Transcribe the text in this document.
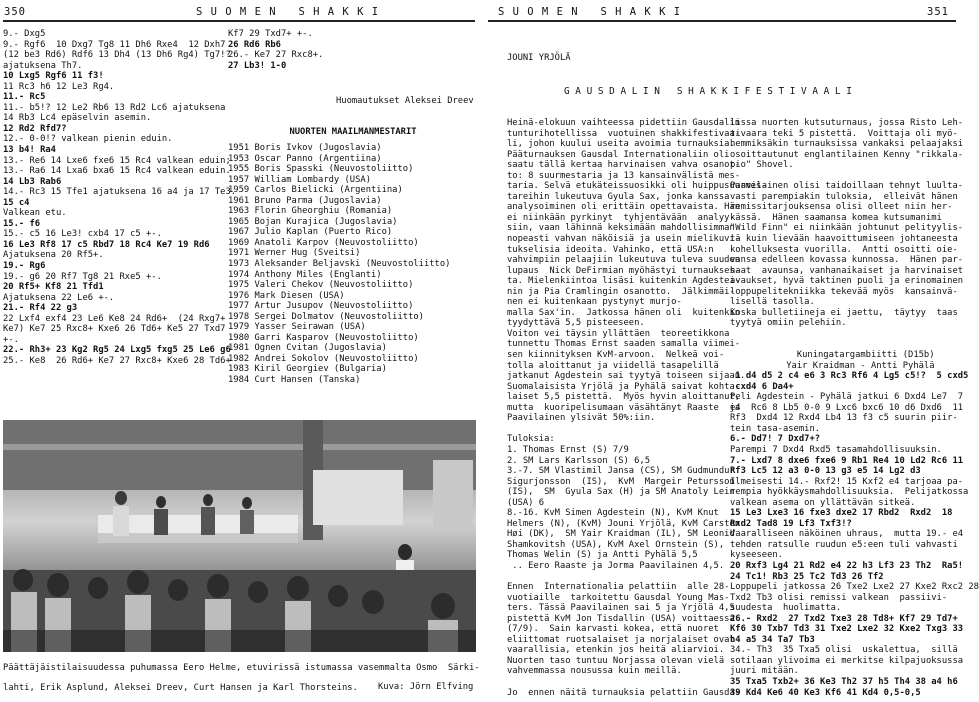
350	S U O M E N   S H A K K I	S U O M E N   S H A K K I	351

9.- Dxg5

9.- Rgf6  10 Dxg7 Tg8 11 Dh6 Rxe4  12 Dxh7

(12 be3 Rd6) Rdf6 13 Dh4 (13 Dh6 Rg4) Tg7!?

ajatuksena Th7.

10 Lxg5 Rgf6 11 f3!

11 Rc3 h6 12 Le3 Rg4.

11.- Rc5

11.- b5!? 12 Le2 Rb6 13 Rd2 Lc6 ajatuksena

14 Rb3 Lc4 epäselvin asemin.

12 Rd2 Rfd7?

12.- 0-0!? valkean pienin eduin.

13 b4! Ra4

13.- Re6 14 Lxe6 fxe6 15 Rc4 valkean eduin;

13.- Ra6 14 Lxa6 bxa6 15 Rc4 valkean eduin.

14 Lb3 Rab6

14.- Rc3 15 Tfe1 ajatuksena 16 a4 ja 17 Te3.

15 c4

Valkean etu.

15.- f6

15.- c5 16 Le3! cxb4 17 c5 +-.

16 Le3 Rf8 17 c5 Rbd7 18 Rc4 Ke7 19 Rd6

Ajatuksena 20 Rf5+.

19.- Rg6

19.- g6 20 Rf7 Tg8 21 Rxe5 +-.

20 Rf5+ Kf8 21 Tfd1

Ajatuksena 22 Le6 +-.

21.- Rf4 22 g3

22 Lxf4 exf4 23 Le6 Ke8 24 Rd6+  (24 Rxg7+

Ke7) Ke7 25 Rxc8+ Kxe6 26 Td6+ Ke5 27 Txd7

+-.

22.- Rh3+ 23 Kg2 Rg5 24 Lxg5 fxg5 25 Le6 g6

25.- Ke8  26 Rd6+ Ke7 27 Rxc8+ Kxe6 28 Td6+

Kf7 29 Txd7+ +-.

26 Rd6 Rb6

26.- Ke7 27 Rxc8+.

27 Lb3! 1-0

Huomautukset Aleksei Dreev
NUORTEN MAAILMANMESTARIT

1951 Boris Ivkov (Jugoslavia)

1953 Oscar Panno (Argentiina)

1955 Boris Spasski (Neuvostoliitto)

1957 William Lombardy (USA)

1959 Carlos Bielicki (Argentiina)

1961 Bruno Parma (Jugoslavia)

1963 Florin Gheorghiu (Romania)

1965 Bojan Kurajica (Jugoslavia)

1967 Julio Kaplan (Puerto Rico)

1969 Anatoli Karpov (Neuvostoliitto)

1971 Werner Hug (Sveitsi)

1973 Aleksander Beljavski (Neuvostoliitto)

1974 Anthony Miles (Englanti)

1975 Valeri Chekov (Neuvostoliitto)

1976 Mark Diesen (USA)

1977 Artur Jusupov (Neuvostoliitto)

1978 Sergei Dolmatov (Neuvostoliitto)

1979 Yasser Seirawan (USA)

1980 Garri Kasparov (Neuvostoliitto)

1981 Ognen Cvitan (Jugoslavia)

1982 Andrei Sokolov (Neuvostoliitto)

1983 Kiril Georgiev (Bulgaria)

1984 Curt Hansen (Tanska)

Päättäjäistilaisuudessa puhumassa Eero Helme, etuvirissä istumassa vasemmalta Osmo  Särki-

lahti, Erik Asplund, Aleksei Dreev, Curt Hansen ja Karl Thorsteins.	Kuva: Jörn Elfving
JOUNI YRJÖLÄ
G A U S D A L I N   S H A K K I F E S T I V A A L I

Heinä-elokuun vaihteessa pidettiin Gausdalin

tunturihotellissa  vuotuinen shakkifestivaa-

li, johon kuului useita avoimia turnauksia.

Pääturnauksen Gausdal Internationaliin oli

saatu tällä kertaa harvinaisen vahva osanot-

to: 8 suurmestaria ja 13 kansainvälistä mes-

taria. Selvä etukäteissuosikki oli huippusuurmes-

tareihin lukeutuva Gyula Sax, jonka kanssa

analysoiminen oli erittäin opettavaista. Hän

ei niinkään pyrkinyt  tyhjentävään  analyy-

siin, vaan lähinnä keksimään mahdollisimman

nopeasti vahvan näköisiä ja usein mielikuvi-

tukselisia ideoita. Vahinko, että USA:n

vahvimpiin pelaajiin lukeutuva tuleva suuden

lupaus  Nick DeFirmian myöhästyi turnaukses-

ta. Mielenkiintoa lisäsi kuitenkin Agdestei-

nin ja Pia Cramlingin osanotto.  Jälkimmäi-

nen ei kuitenkaan pystynyt murjo-

malla Sax'in.  Jatkossa hänen oli  kuitenkin

tyydyttävä 5,5 pisteeseen.

Voiton vei täysin yllättäen  teoreetikkona

tunnettu Thomas Ernst saaden samalla viimei-

sen kiinnityksen KvM-arvoon.  Nelkeä voi-

tolla aloittanut ja viidellä tasapelillä

jatkanut Agdestein sai tyytyä toiseen sijaan.

Suomalaisista Yrjölä ja Pyhälä saivat kohta-

laiset 5,5 pistettä.  Myös hyvin aloittanut,

mutta  kuoripelisumaan väsähtänyt Raaste  ja

Paavilainen ylsivät 50%:iin.

Tuloksia:

1. Thomas Ernst (S) 7/9

2. SM Lars Karlsson (S) 6,5

3.-7. SM Vlastimil Jansa (CS), SM Gudmundur

Sigurjonsson  (IS),  KvM  Margeir Petursson

(IS),  SM  Gyula Sax (H) ja SM Anatoly Lein

(USA) 6

8.-16. KvM Simen Agdestein (N), KvM Knut

Helmers (N), (KvM) Jouni Yrjölä, KvM Carsten

Høi (DK),  SM Yair Kraidman (IL), SM Leonid

Shamkovitsh (USA), KvM Axel Ornstein (S),

Thomas Welin (S) ja Antti Pyhälä 5,5

.. Eero Raaste ja Jorma Paavilainen 4,5.

Ennen  Internationalia pelattiin  alle 28-

vuotiaille  tarkoitettu Gausdal Young Mas-

ters. Tässä Paavilainen sai 5 ja Yrjölä 4,5

pistettä KvM Jon Tisdallin (USA) voittaessa

(7/9).  Sain karvasti kokea, että nuoret

eliittomat ruotsalaiset ja norjalaiset ovat

vaarallisia, etenkin jos heitä aliarvioi.

Nuorten taso tuntuu Norjassa olevan vielä

vahvemmassa nousussa kuin meillä.

Jo  ennen näitä turnauksia pelattiin Gausda-

lissa nuorten kutsuturnaus, jossa Risto Leh-

tivaara teki 5 pistettä.  Voittaja oli myö-

hemmiksäkin turnauksissa vankaksi pelaajaksi

osoittautunut englantilainen Kenny "rikkala-

pio" Shovel.

Paavilainen olisi taidoillaan tehnyt luulta-

vasti parempiakin tuloksia,  elleivät hänen

remissitarjouksensa olisi olleet niin her-

kässä.  Hänen saamansa komea kutsumanimi

"Wild Finn" ei niinkään johtunut pelityylis-

tä kuin lievään haavoittumiseen johtaneesta

kohelluksesta vuorilla.  Antti osoitti oie-

vansa edelleen kovassa kunnossa.  Hänen par-

haat  avaunsa, vanhanaikaiset ja harvinaiset

avaukset, hyvä taktinen puoli ja erinomainen

loppupelitekniikka tekevää myös  kansainvä-

lisellä tasolla.

Koska bulletiineja ei jaettu,  täytyy  taas

tyytyä omiin pelehiin.

Kuningatargambiitti (D15b)

Yair Kraidman - Antti Pyhälä

1 d4 d5 2 c4 e6 3 Rc3 Rf6 4 Lg5 c5!?  5 cxd5

cxd4 6 Da4+

Peli Agdestein - Pyhälä jatkui 6 Dxd4 Le7  7

e4  Rc6 8 Lb5 0-0 9 Lxc6 bxc6 10 d6 Dxd6  11

Rf3  Dxd4 12 Rxd4 Lb4 13 f3 c5 suurin piir-

tein tasa-asemin.

6.- Dd7! 7 Dxd7+?

Parempi 7 Dxd4 Rxd5 tasamahdollisuuksin.

7.- Lxd7 8 dxe6 fxe6 9 Rb1 Re4 10 Ld2 Rc6 11

Rf3 Lc5 12 a3 0-0 13 g3 e5 14 Lg2 d3

Ilmeisesti 14.- Rxf2! 15 Kxf2 e4 tarjoaa pa-

rempia hyökkäysmahdollisuuksia.  Pelijatkossa

valkean asema on yllättävän sitkeä.

15 Le3 Lxe3 16 fxe3 dxe2 17 Rbd2  Rxd2  18

Rxd2 Tad8 19 Lf3 Txf3!?

Vaaralliseen näköinen uhraus,  mutta 19.- e4

tehden ratsulle ruudun e5:een tuli vahvasti

kyseeseen.

20 Rxf3 Lg4 21 Rd2 e4 22 h3 Lf3 23 Th2  Ra5!

24 Tc1! Rb3 25 Tc2 Td3 26 Tf2

Loppupeli jatkossa 26 Txe2 Lxe2 27 Kxe2 Rxc2 28

Txd2 Tb3 olisi remissi valkean  passiivi-

suudesta  huolimatta.

26.- Rxd2  27 Txd2 Txe3 28 Td8+ Kf7 29 Td7+

Kf6 30 Txb7 Td3 31 Txe2 Lxe2 32 Kxe2 Txg3 33

h4 a5 34 Ta7 Tb3

34.- Th3  35 Txa5 olisi  uskalettua,  sillä

sotilaan ylivoima ei merkitse kilpajuoksussa

juuri mitään.

35 Txa5 Txb2+ 36 Ke3 Th2 37 h5 Th4 38 a4 h6

39 Kd4 Ke6 40 Ke3 Kf6 41 Kd4 0,5-0,5
